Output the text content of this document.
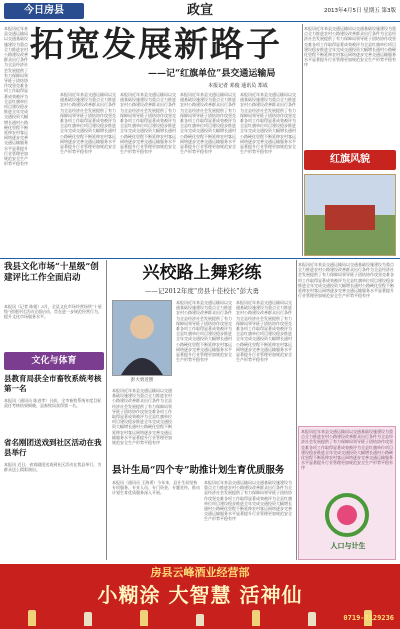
今日房县	政宣	2013年4月5日 星期五 第3版
拓宽发展新路子
——记“红旗单位”县交通运输局
本报记者 邓俊 通讯员 郑成
本报讯近年来县交通运输局以交通基础设施建设为重点全力推进农村公路建设改善群众出行条件为全县经济社会发展提供了有力保障局领导班子团结协作攻坚克难各项工作取得显著成效被评为全县红旗单位项目建设稳步推进全年完成交通投资大幅增长通村公路硬化里程不断延伸农村客运网络逐步完善交通运输服务水平显著提升行业管理更加规范安全生产形势平稳有序
本报讯近年来县交通运输局以交通基础设施建设为重点全力推进农村公路建设改善群众出行条件为全县经济社会发展提供了有力保障局领导班子团结协作攻坚克难各项工作取得显著成效被评为全县红旗单位项目建设稳步推进全年完成交通投资大幅增长通村公路硬化里程不断延伸农村客运网络逐步完善交通运输服务水平显著提升行业管理更加规范安全生产形势平稳有序
本报讯近年来县交通运输局以交通基础设施建设为重点全力推进农村公路建设改善群众出行条件为全县经济社会发展提供了有力保障局领导班子团结协作攻坚克难各项工作取得显著成效被评为全县红旗单位项目建设稳步推进全年完成交通投资大幅增长通村公路硬化里程不断延伸农村客运网络逐步完善交通运输服务水平显著提升行业管理更加规范安全生产形势平稳有序
本报讯近年来县交通运输局以交通基础设施建设为重点全力推进农村公路建设改善群众出行条件为全县经济社会发展提供了有力保障局领导班子团结协作攻坚克难各项工作取得显著成效被评为全县红旗单位项目建设稳步推进全年完成交通投资大幅增长通村公路硬化里程不断延伸农村客运网络逐步完善交通运输服务水平显著提升行业管理更加规范安全生产形势平稳有序
本报讯近年来县交通运输局以交通基础设施建设为重点全力推进农村公路建设改善群众出行条件为全县经济社会发展提供了有力保障局领导班子团结协作攻坚克难各项工作取得显著成效被评为全县红旗单位项目建设稳步推进全年完成交通投资大幅增长通村公路硬化里程不断延伸农村客运网络逐步完善交通运输服务水平显著提升行业管理更加规范安全生产形势平稳有序
本报讯近年来县交通运输局以交通基础设施建设为重点全力推进农村公路建设改善群众出行条件为全县经济社会发展提供了有力保障局领导班子团结协作攻坚克难各项工作取得显著成效被评为全县红旗单位项目建设稳步推进全年完成交通投资大幅增长通村公路硬化里程不断延伸农村客运网络逐步完善交通运输服务水平显著提升行业管理更加规范安全生产形势平稳有序
红旗风貌
我县文化市场“十星级”创建评比工作全面启动
本报讯（记者 陈媛）3月，全县文化市场经营场所“十星级”创建评比活动全面启动，旨在进一步规范经营行为，提升文化市场服务水平。
文化与体育
县教育局获全市畜牧系统考核第一名
本报讯（通讯员 陈进孝）日前，全市畜牧系统年度目标责任考核结果揭晓，县畜牧局获得第一名。
省名刚团送戏到社区活动在我县举行
本报讯 近日，省戏剧团送戏到社区活动在我县举行，为群众送上精彩演出。
兴校路上舞彩练
——记2012年度“房县十佳校长”彭大勇
彭大勇近照
本报讯近年来县交通运输局以交通基础设施建设为重点全力推进农村公路建设改善群众出行条件为全县经济社会发展提供了有力保障局领导班子团结协作攻坚克难各项工作取得显著成效被评为全县红旗单位项目建设稳步推进全年完成交通投资大幅增长通村公路硬化里程不断延伸农村客运网络逐步完善交通运输服务水平显著提升行业管理更加规范安全生产形势平稳有序
本报讯近年来县交通运输局以交通基础设施建设为重点全力推进农村公路建设改善群众出行条件为全县经济社会发展提供了有力保障局领导班子团结协作攻坚克难各项工作取得显著成效被评为全县红旗单位项目建设稳步推进全年完成交通投资大幅增长通村公路硬化里程不断延伸农村客运网络逐步完善交通运输服务水平显著提升行业管理更加规范安全生产形势平稳有序
本报讯近年来县交通运输局以交通基础设施建设为重点全力推进农村公路建设改善群众出行条件为全县经济社会发展提供了有力保障局领导班子团结协作攻坚克难各项工作取得显著成效被评为全县红旗单位项目建设稳步推进全年完成交通投资大幅增长通村公路硬化里程不断延伸农村客运网络逐步完善交通运输服务水平显著提升行业管理更加规范安全生产形势平稳有序
本报讯近年来县交通运输局以交通基础设施建设为重点全力推进农村公路建设改善群众出行条件为全县经济社会发展提供了有力保障局领导班子团结协作攻坚克难各项工作取得显著成效被评为全县红旗单位项目建设稳步推进全年完成交通投资大幅增长通村公路硬化里程不断延伸农村客运网络逐步完善交通运输服务水平显著提升行业管理更加规范安全生产形势平稳有序
县计生局“四个专”助推计划生育优质服务
本报讯（通讯员 王海勇）今年来，县计生局坚持专项服务、专业人员、专门资金、专题宣传，推动计划生育优质服务深入开展。
本报讯近年来县交通运输局以交通基础设施建设为重点全力推进农村公路建设改善群众出行条件为全县经济社会发展提供了有力保障局领导班子团结协作攻坚克难各项工作取得显著成效被评为全县红旗单位项目建设稳步推进全年完成交通投资大幅增长通村公路硬化里程不断延伸农村客运网络逐步完善交通运输服务水平显著提升行业管理更加规范安全生产形势平稳有序
本报讯近年来县交通运输局以交通基础设施建设为重点全力推进农村公路建设改善群众出行条件为全县经济社会发展提供了有力保障局领导班子团结协作攻坚克难各项工作取得显著成效被评为全县红旗单位项目建设稳步推进全年完成交通投资大幅增长通村公路硬化里程不断延伸农村客运网络逐步完善交通运输服务水平显著提升行业管理更加规范安全生产形势平稳有序
人口与计生
房县云峰酒业经营部
小糊涂 大智慧 活神仙
0719-3129236
